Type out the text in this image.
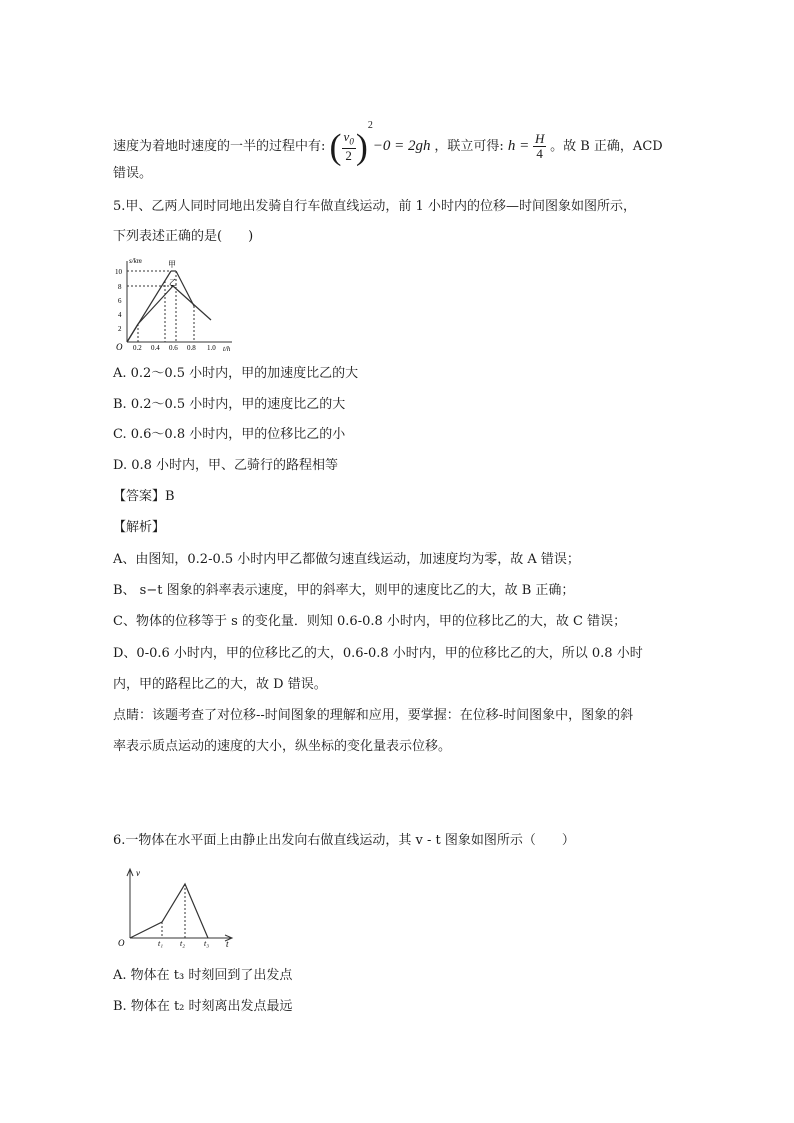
速度为着地时速度的一半的过程中有: ( $\frac{v_0}{2} )^2-0 = 2gh$ ，联立可得: $h = \frac{H}{4}$ 。故 B 正确，ACD
错误。
5.甲、乙两人同时同地出发骑自行车做直线运动，前 1 小时内的位移—时间图象如图所示，
下列表述正确的是(　　)
s/km	甲
乙
O
10
8
6
4
2
0.2 0.4 0.6 0.8 1.0 t/h
A. 0.2～0.5 小时内，甲的加速度比乙的大
B. 0.2～0.5 小时内，甲的速度比乙的大
C. 0.6～0.8 小时内，甲的位移比乙的小
D. 0.8 小时内，甲、乙骑行的路程相等
【答案】B
【解析】
A、由图知，0.2-0.5 小时内甲乙都做匀速直线运动，加速度均为零，故 A 错误；
B、 s−t 图象的斜率表示速度，甲的斜率大，则甲的速度比乙的大，故 B 正确；
C、物体的位移等于 s 的变化量．则知 0.6-0.8 小时内，甲的位移比乙的大，故 C 错误；
D、0-0.6 小时内，甲的位移比乙的大，0.6-0.8 小时内，甲的位移比乙的大，所以 0.8 小时
内，甲的路程比乙的大，故 D 错误。
点睛：该题考查了对位移--时间图象的理解和应用，要掌握：在位移-时间图象中，图象的斜
率表示质点运动的速度的大小，纵坐标的变化量表示位移。
6.一物体在水平面上由静止出发向右做直线运动，其 v - t 图象如图所示（　　）
v
O	t₁ t₂ t₃ t
A. 物体在 t₃ 时刻回到了出发点
B. 物体在 t₂ 时刻离出发点最远
